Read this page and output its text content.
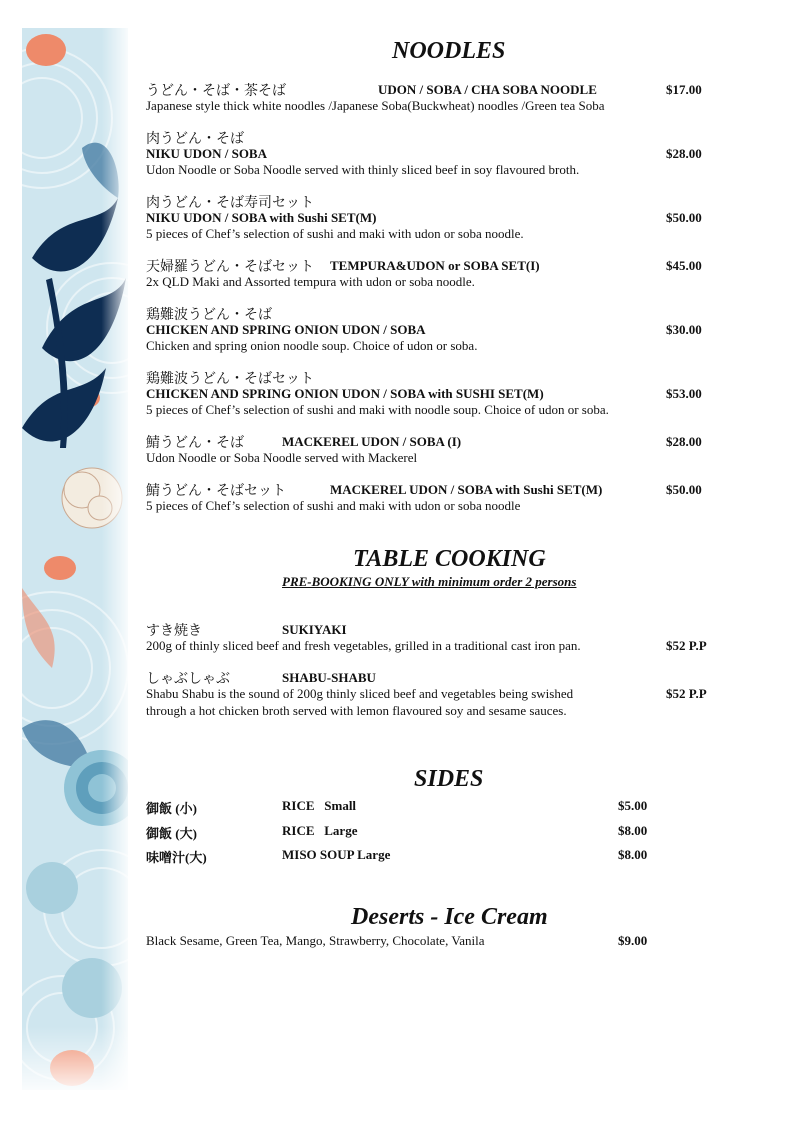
NOODLES
うどん・そば・茶そば	UDON / SOBA / CHA SOBA NOODLE	$17.00
Japanese style thick white noodles /Japanese Soba(Buckwheat) noodles /Green tea Soba
肉うどん・そば
NIKU UDON / SOBA	$28.00
Udon Noodle or Soba Noodle served with thinly sliced beef in soy flavoured broth.
肉うどん・そば寿司セット
NIKU UDON / SOBA with Sushi SET(M)	$50.00
5 pieces of Chef’s selection of sushi and maki with udon or soba noodle.
天婦羅うどん・そばセット TEMPURA&UDON or SOBA SET(I)	$45.00
2x QLD Maki and Assorted tempura with udon or soba noodle.
鶏難波うどん・そば
CHICKEN AND SPRING ONION UDON / SOBA	$30.00
Chicken and spring onion noodle soup. Choice of udon or soba.
鶏難波うどん・そばセット
CHICKEN AND SPRING ONION UDON / SOBA with SUSHI SET(M)	$53.00
5 pieces of Chef’s selection of sushi and maki with noodle soup. Choice of udon or soba.
鯖うどん・そば	MACKEREL UDON / SOBA (I)	$28.00
Udon Noodle or Soba Noodle served with Mackerel
鯖うどん・そばセット	MACKEREL UDON / SOBA with Sushi SET(M)	$50.00
5 pieces of Chef’s selection of sushi and maki with udon or soba noodle
TABLE COOKING
PRE-BOOKING ONLY with minimum order 2 persons
すき焼き	SUKIYAKI
200g of thinly sliced beef and fresh vegetables, grilled in a traditional cast iron pan.	$52 P.P
しゃぶしゃぶ	SHABU-SHABU
Shabu Shabu is the sound of 200g thinly sliced beef and vegetables being swished	$52 P.P
through a hot chicken broth served with lemon flavoured soy and sesame sauces.
SIDES
御飯 (小)	RICE   Small	$5.00
御飯 (大)	RICE   Large	$8.00
味噌汁(大)	MISO SOUP Large	$8.00
Deserts - Ice Cream
Black Sesame, Green Tea, Mango, Strawberry, Chocolate, Vanila	$9.00
